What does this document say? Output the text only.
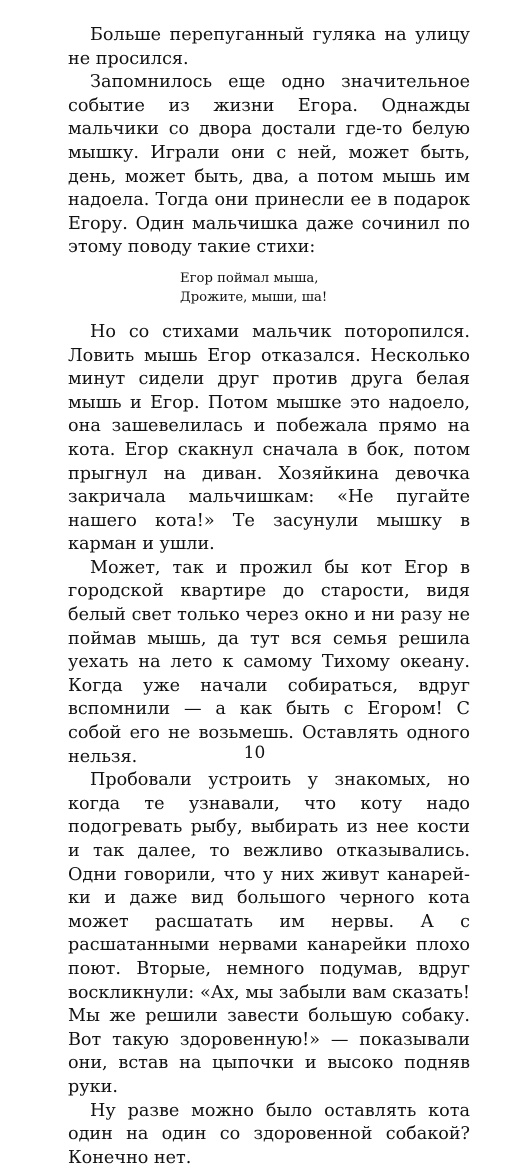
Больше перепуганный гуляка на улицу не просился.

Запомнилось еще одно значительное событие из жизни Егора. Однажды мальчики со двора достали где-то белую мышку. Играли они с ней, может быть, день, может быть, два, а потом мышь им надоела. Тогда они принесли ее в подарок Егору. Один мальчишка даже сочинил по этому поводу такие стихи:

Егор поймал мыша,
Дрожите, мыши, ша!

Но со стихами мальчик поторопился. Ловить мышь Егор отказался. Несколько минут сидели друг против друга белая мышь и Егор. Потом мышке это надоело, она зашевелилась и побежала прямо на кота. Егор скакнул сначала в бок, потом прыгнул на диван. Хозяйкина девочка закричала мальчишкам: «Не пугайте нашего кота!» Те засунули мышку в карман и ушли.

Может, так и прожил бы кот Егор в городской квартире до старости, видя белый свет только через окно и ни разу не поймав мышь, да тут вся семья решила уехать на лето к самому Тихому океану. Когда уже начали собираться, вдруг вспомнили — а как быть с Егором! С собой его не возьмешь. Оставлять одного нельзя.

Пробовали устроить у знакомых, но когда те узнавали, что коту надо подогревать рыбу, выбирать из нее кости и так далее, то вежливо отказывались. Одни говорили, что у них живут канарейки и даже вид большого черного кота может расшатать им нервы. А с расшатанными нервами канарейки плохо поют. Вторые, немного подумав, вдруг воскликнули: «Ах, мы забыли вам сказать! Мы же решили завести большую собаку. Вот такую здоровенную!» — показывали они, встав на цыпочки и высоко подняв руки.

Ну разве можно было оставлять кота один на один со здоровенной собакой? Конечно нет.

10
